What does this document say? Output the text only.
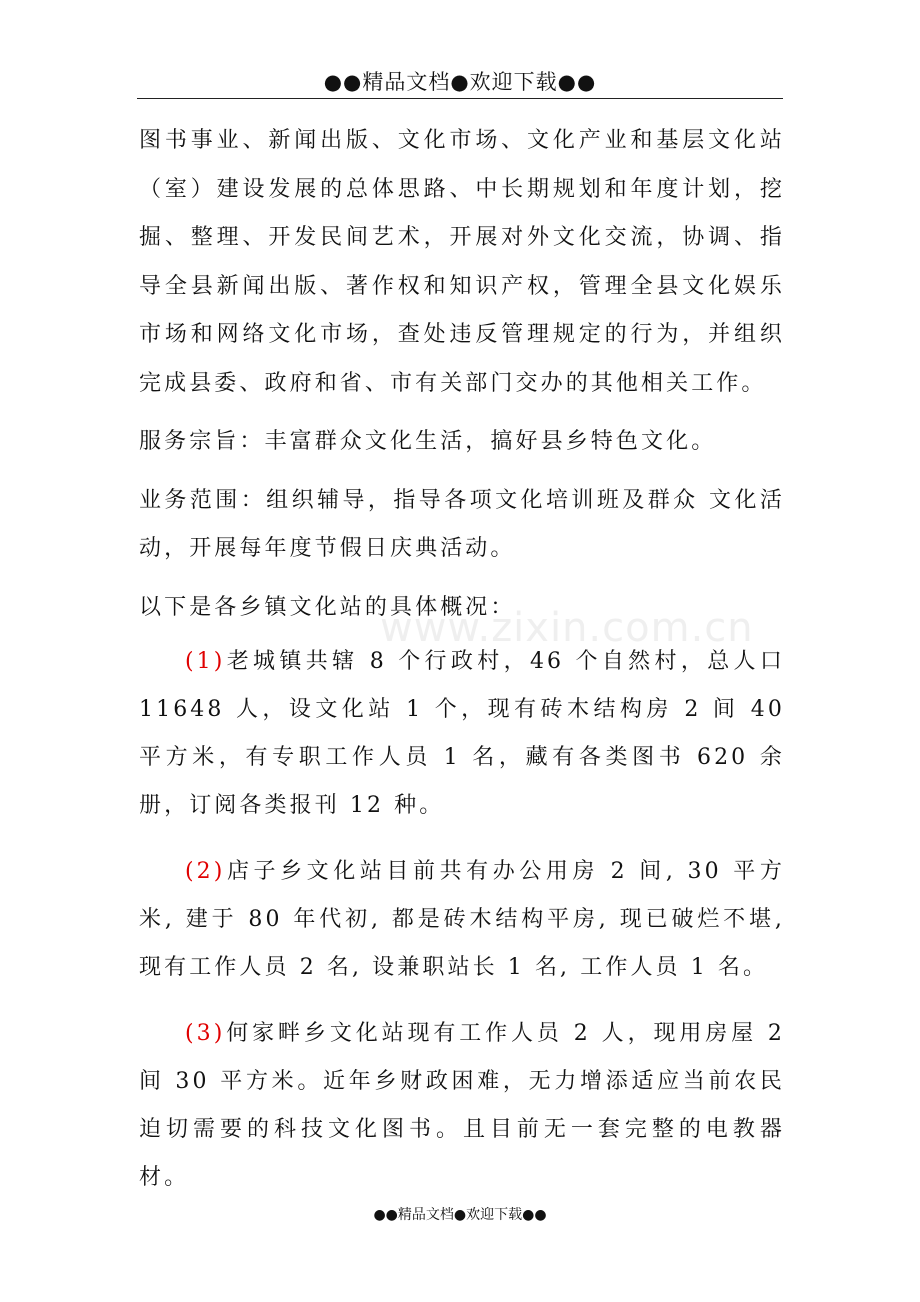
●●精品文档●欢迎下载●●
www.zixin.com.cn

图书事业、新闻出版、文化市场、文化产业和基层文化站（室）建设发展的总体思路、中长期规划和年度计划，挖掘、整理、开发民间艺术，开展对外文化交流，协调、指导全县新闻出版、著作权和知识产权，管理全县文化娱乐市场和网络文化市场，查处违反管理规定的行为，并组织完成县委、政府和省、市有关部门交办的其他相关工作。

服务宗旨：丰富群众文化生活，搞好县乡特色文化。

业务范围：组织辅导，指导各项文化培训班及群众 文化活动，开展每年度节假日庆典活动。

以下是各乡镇文化站的具体概况：

(1)老城镇共辖 8 个行政村，46 个自然村，总人口 11648 人，设文化站 1 个，现有砖木结构房 2 间 40 平方米，有专职工作人员 1 名，藏有各类图书 620 余册，订阅各类报刊 12 种。

(2)店子乡文化站目前共有办公用房 2 间, 30 平方米, 建于 80 年代初, 都是砖木结构平房, 现已破烂不堪, 现有工作人员 2 名, 设兼职站长 1 名, 工作人员 1 名。

(3)何家畔乡文化站现有工作人员 2 人，现用房屋 2 间 30 平方米。近年乡财政困难，无力增添适应当前农民迫切需要的科技文化图书。且目前无一套完整的电教器材。

●●精品文档●欢迎下载●●
